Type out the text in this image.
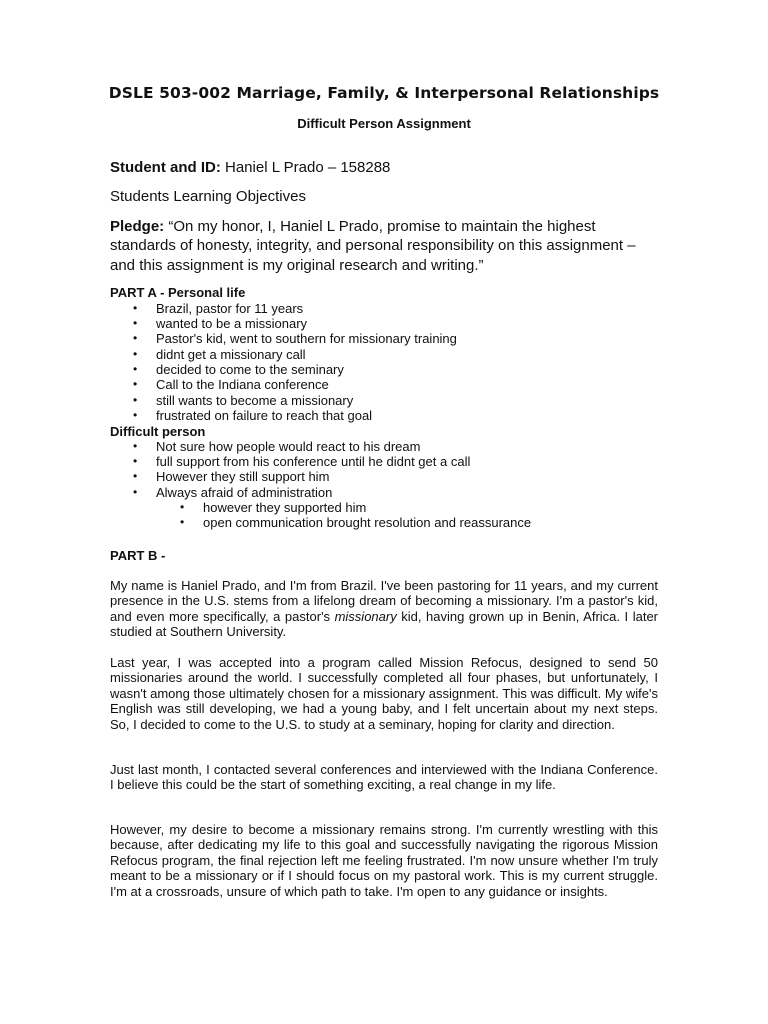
DSLE 503-002 Marriage, Family, & Interpersonal Relationships
Difficult Person Assignment
Student and ID: Haniel L Prado – 158288
Students Learning Objectives
Pledge: “On my honor, I, Haniel L Prado, promise to maintain the highest standards of honesty, integrity, and personal responsibility on this assignment – and this assignment is my original research and writing.”
PART A - Personal life
• Brazil, pastor for 11 years
• wanted to be a missionary
• Pastor's kid, went to southern for missionary training
• didnt get a missionary call
• decided to come to the seminary
• Call to the Indiana conference
• still wants to become a missionary
• frustrated on failure to reach that goal
Difficult person
• Not sure how people would react to his dream
• full support from his conference until he didnt get a call
• However they still support him
• Always afraid of administration
• however they supported him
• open communication brought resolution and reassurance
PART B -

My name is Haniel Prado, and I'm from Brazil. I've been pastoring for 11 years, and my current presence in the U.S. stems from a lifelong dream of becoming a missionary. I'm a pastor's kid, and even more specifically, a pastor's missionary kid, having grown up in Benin, Africa. I later studied at Southern University.

Last year, I was accepted into a program called Mission Refocus, designed to send 50 missionaries around the world. I successfully completed all four phases, but unfortunately, I wasn't among those ultimately chosen for a missionary assignment. This was difficult. My wife's English was still developing, we had a young baby, and I felt uncertain about my next steps. So, I decided to come to the U.S. to study at a seminary, hoping for clarity and direction.

Just last month, I contacted several conferences and interviewed with the Indiana Conference. I believe this could be the start of something exciting, a real change in my life.

However, my desire to become a missionary remains strong. I'm currently wrestling with this because, after dedicating my life to this goal and successfully navigating the rigorous Mission Refocus program, the final rejection left me feeling frustrated. I'm now unsure whether I'm truly meant to be a missionary or if I should focus on my pastoral work. This is my current struggle. I'm at a crossroads, unsure of which path to take. I'm open to any guidance or insights.
